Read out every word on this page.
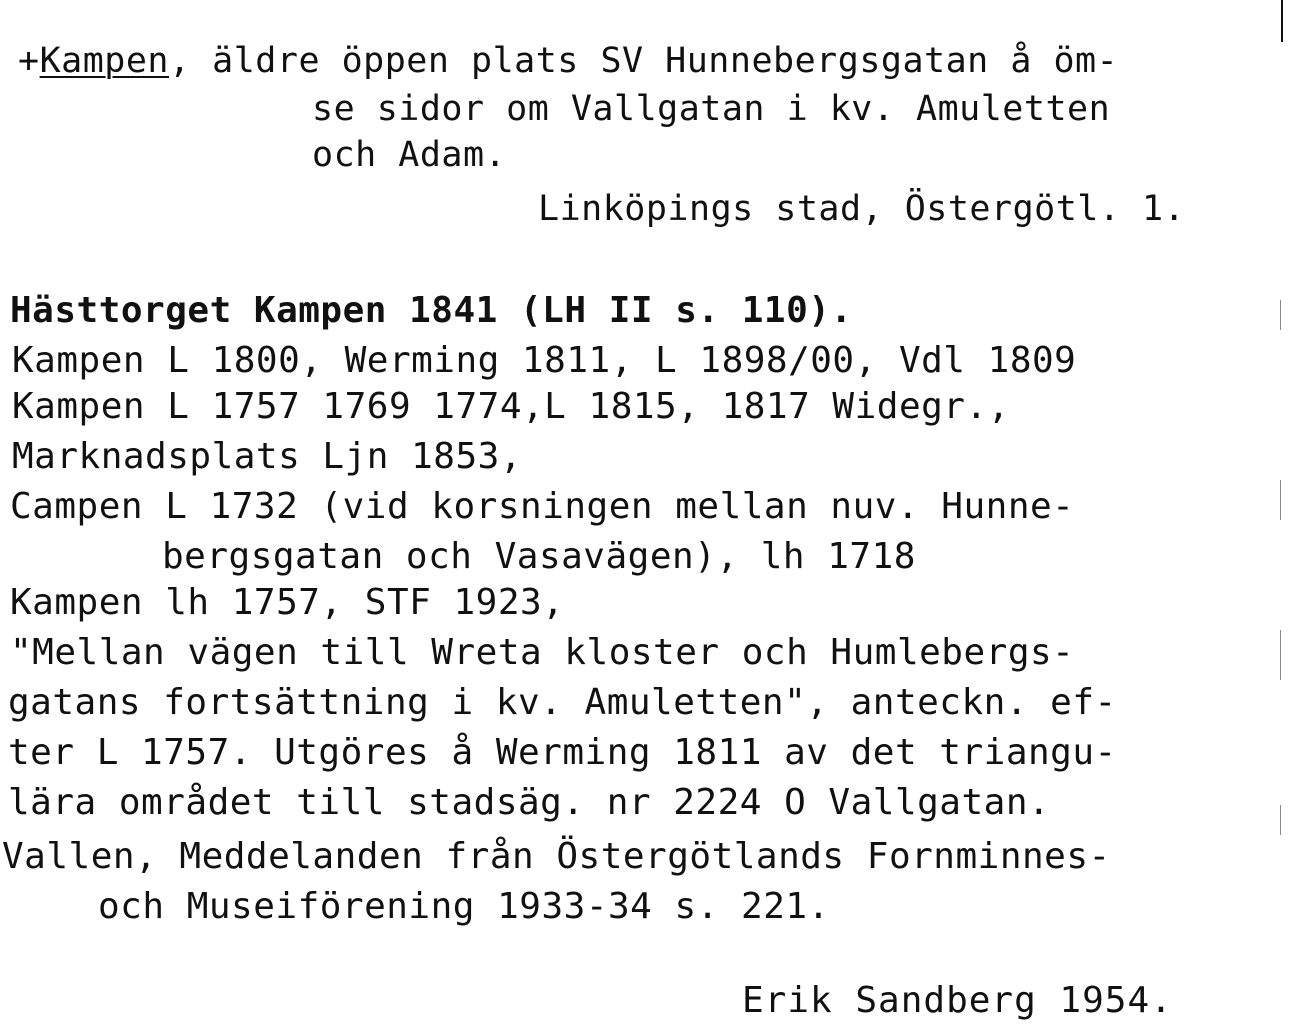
+Kampen, äldre öppen plats SV Hunnebergsgatan å öm-
se sidor om Vallgatan i kv. Amuletten
och Adam.
Linköpings stad, Östergötl. 1.
Hästtorget Kampen 1841 (LH II s. 110).
Kampen L 1800, Werming 1811, L 1898/00, Vdl 1809
Kampen L 1757 1769 1774,L 1815, 1817 Widegr.,
Marknadsplats Ljn 1853,
Campen L 1732 (vid korsningen mellan nuv. Hunne-
bergsgatan och Vasavägen), lh 1718
Kampen lh 1757, STF 1923,
"Mellan vägen till Wreta kloster och Humlebergs-
gatans fortsättning i kv. Amuletten", anteckn. ef-
ter L 1757. Utgöres å Werming 1811 av det triangu-
lära området till stadsäg. nr 2224 O Vallgatan.
Vallen, Meddelanden från Östergötlands Fornminnes-
och Museiförening 1933-34 s. 221.
Erik Sandberg 1954.
